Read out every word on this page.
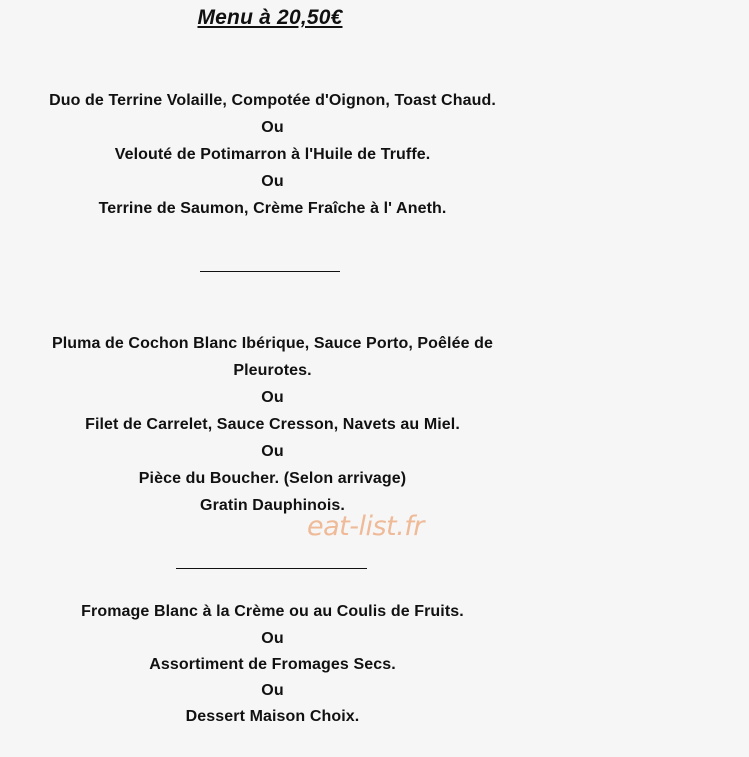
Menu à 20,50€
Duo de Terrine Volaille, Compotée d'Oignon, Toast Chaud.
Ou
Velouté de Potimarron à l'Huile de Truffe.
Ou
Terrine de Saumon, Crème Fraîche à l' Aneth.
Pluma de Cochon Blanc Ibérique, Sauce Porto, Poêlée de
Pleurotes.
Ou
Filet de Carrelet, Sauce Cresson, Navets au Miel.
Ou
Pièce du Boucher. (Selon arrivage)
Gratin Dauphinois.
eat-list.fr
Fromage Blanc à la Crème ou au Coulis de Fruits.
Ou
Assortiment de Fromages Secs.
Ou
Dessert Maison Choix.
